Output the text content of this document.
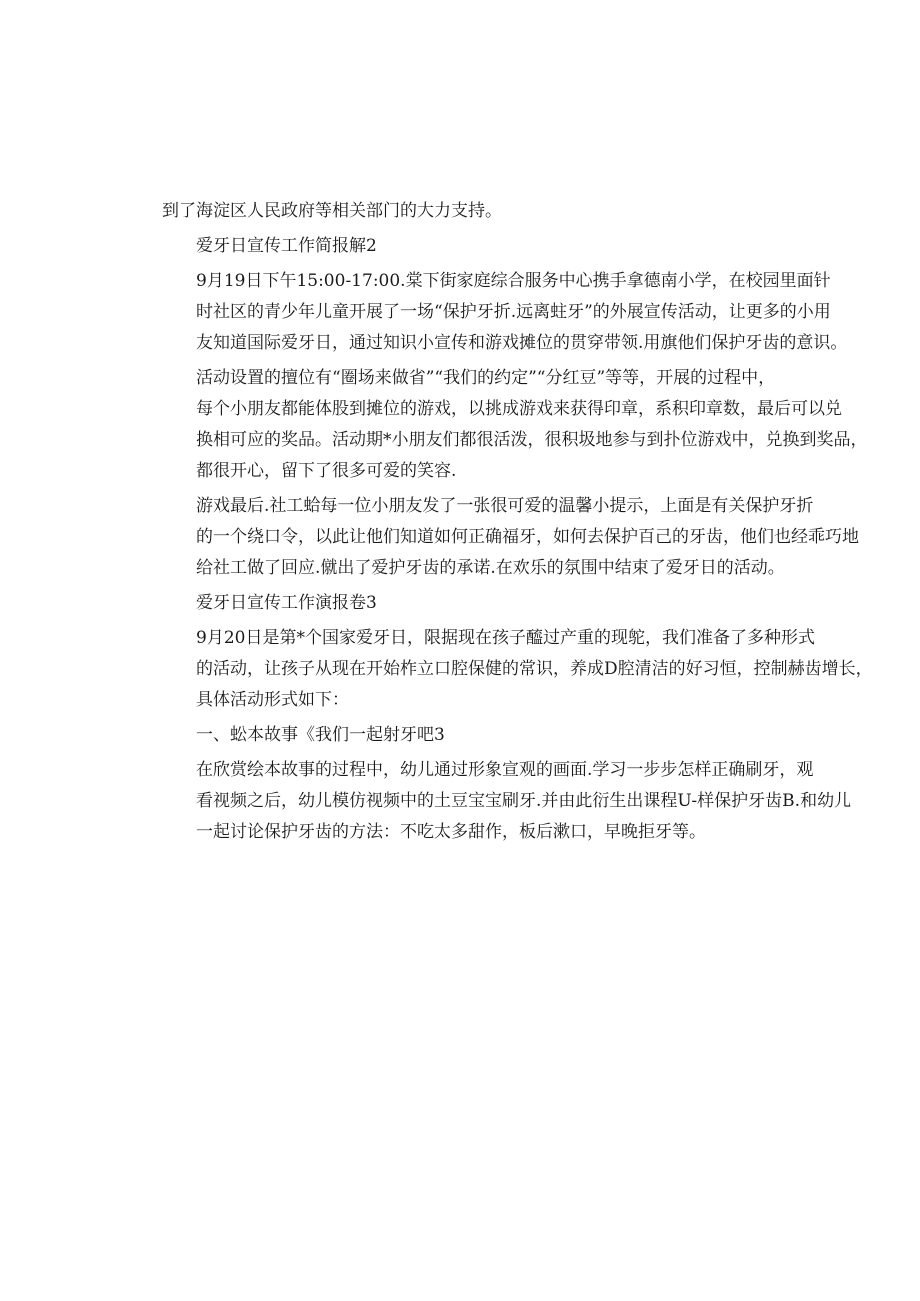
到了海淀区人民政府等相关部门的大力支持。
爱牙日宣传工作简报解2
9月19日下午15:00-17:00.棠下街家庭综合服务中心携手拿德南小学，在校园里面针
时社区的青少年儿童开展了一场“保护牙折.远离蛀牙”的外展宣传活动，让更多的小用
友知道国际爱牙日，通过知识小宣传和游戏摊位的贯穿带领.用旗他们保护牙齿的意识。
活动设置的擅位有“圈场来做省”“我们的约定”“分红豆”等等，开展的过程中，
每个小朋友都能体股到摊位的游戏，以挑成游戏来获得印章，系积印章数，最后可以兑
换相可应的奖品。活动期*小朋友们都很活泼，很积圾地参与到扑位游戏中，兑换到奖品，
都很开心，留下了很多可爱的笑容.
游戏最后.社工蛤每一位小朋友发了一张很可爱的温馨小提示，上面是有关保护牙折
的一个绕口令，以此让他们知道如何正确福牙，如何去保护百己的牙齿，他们也经乖巧地
给社工做了回应.僦出了爱护牙齿的承诺.在欢乐的氛围中结束了爱牙日的活动。
爱牙日宣传工作演报卷3
9月20日是第*个国家爱牙日，限据现在孩子醯过产重的现鸵，我们准备了多种形式
的活动，让孩子从现在开始柞立口腔保健的常识，养成D腔清洁的好习恒，控制赫齿增长，
具体活动形式如下：
一、蚣本故事《我们一起射牙吧3
在欣赏绘本故事的过程中，幼儿通过形象宣观的画面.学习一步步怎样正确刷牙，观
看视频之后，幼儿模仿视频中的土豆宝宝刷牙.并由此衍生出课程U-样保护牙齿B.和幼儿
一起讨论保护牙齿的方法：不吃太多甜作，板后漱口，早晚拒牙等。
